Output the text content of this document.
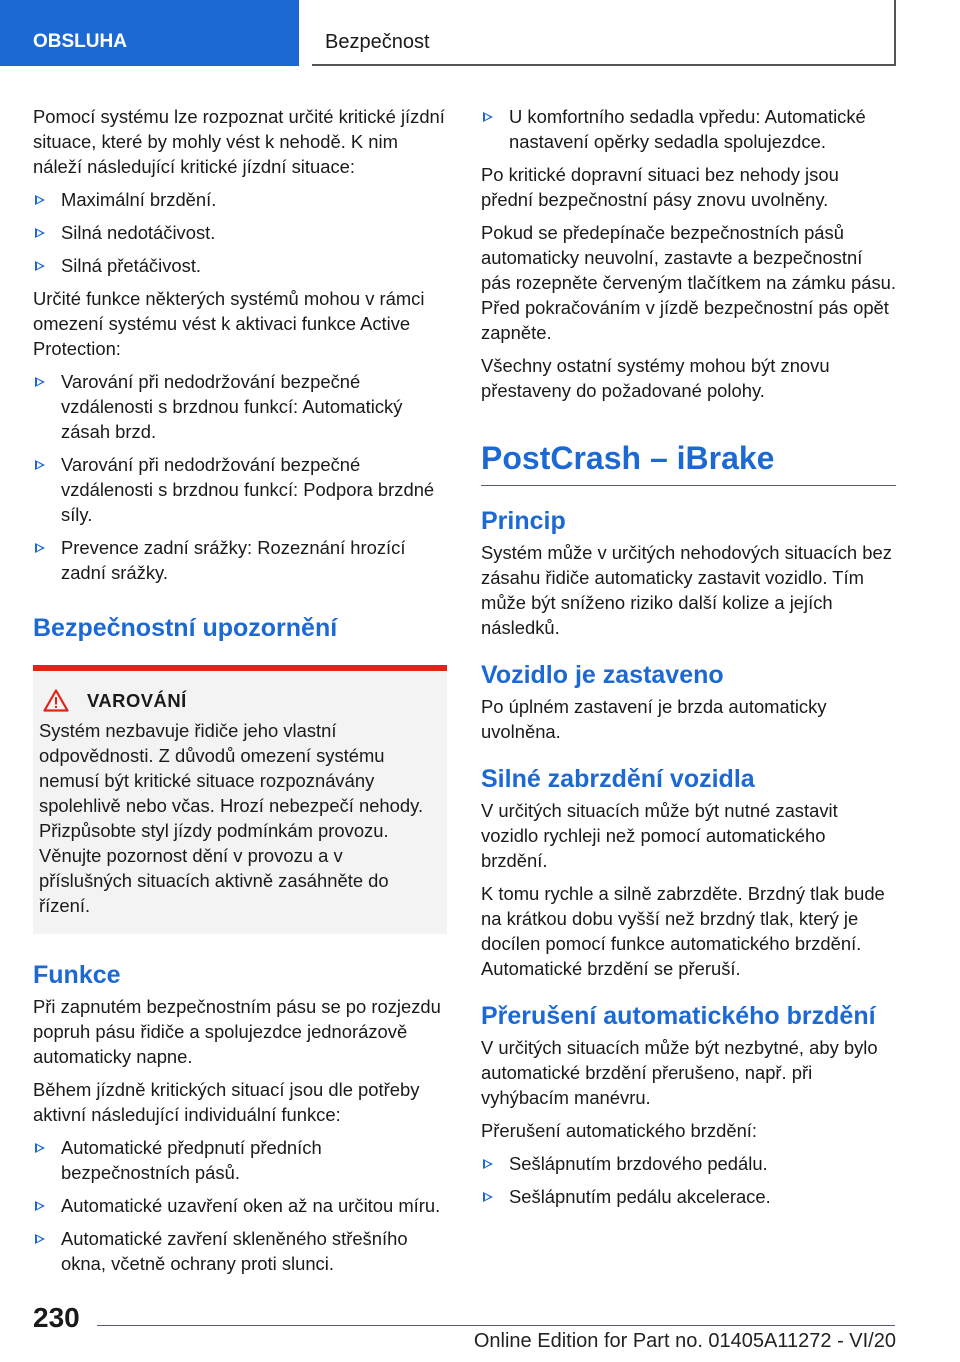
OBSLUHA	Bezpečnost

Pomocí systému lze rozpoznat určité kritické jízdní situace, které by mohly vést k nehodě. K nim náleží následující kritické jízdní situace:

Maximální brzdění.
Silná nedotáčivost.
Silná přetáčivost.

Určité funkce některých systémů mohou v rámci omezení systému vést k aktivaci funkce Active Protection:

Varování při nedodržování bezpečné vzdálenosti s brzdnou funkcí: Automatický zásah brzd.
Varování při nedodržování bezpečné vzdálenosti s brzdnou funkcí: Podpora brzdné síly.
Prevence zadní srážky: Rozeznání hrozící zadní srážky.
Bezpečnostní upozornění
VAROVÁNÍ

Systém nezbavuje řidiče jeho vlastní odpovědnosti. Z důvodů omezení systému nemusí být kritické situace rozpoznávány spolehlivě nebo včas. Hrozí nebezpečí nehody. Přizpůsobte styl jízdy podmínkám provozu. Věnujte pozornost dění v provozu a v příslušných situacích aktivně zasáhněte do řízení.

Funkce

Při zapnutém bezpečnostním pásu se po rozjezdu popruh pásu řidiče a spolujezdce jednorázově automaticky napne.

Během jízdně kritických situací jsou dle potřeby aktivní následující individuální funkce:

Automatické předpnutí předních bezpečnostních pásů.
Automatické uzavření oken až na určitou míru.
Automatické zavření skleněného střešního okna, včetně ochrany proti slunci.
U komfortního sedadla vpředu: Automatické nastavení opěrky sedadla spolujezdce.

Po kritické dopravní situaci bez nehody jsou přední bezpečnostní pásy znovu uvolněny.

Pokud se předepínače bezpečnostních pásů automaticky neuvolní, zastavte a bezpečnostní pás rozepněte červeným tlačítkem na zámku pásu. Před pokračováním v jízdě bezpečnostní pás opět zapněte.

Všechny ostatní systémy mohou být znovu přestaveny do požadované polohy.

PostCrash – iBrake
Princip

Systém může v určitých nehodových situacích bez zásahu řidiče automaticky zastavit vozidlo. Tím může být sníženo riziko další kolize a jejích následků.

Vozidlo je zastaveno

Po úplném zastavení je brzda automaticky uvolněna.

Silné zabrzdění vozidla

V určitých situacích může být nutné zastavit vozidlo rychleji než pomocí automatického brzdění.

K tomu rychle a silně zabrzděte. Brzdný tlak bude na krátkou dobu vyšší než brzdný tlak, který je docílen pomocí funkce automatického brzdění. Automatické brzdění se přeruší.

Přerušení automatického brzdění

V určitých situacích může být nezbytné, aby bylo automatické brzdění přerušeno, např. při vyhýbacím manévru.

Přerušení automatického brzdění:

Sešlápnutím brzdového pedálu.
Sešlápnutím pedálu akcelerace.
230
Online Edition for Part no. 01405A11272 - VI/20
